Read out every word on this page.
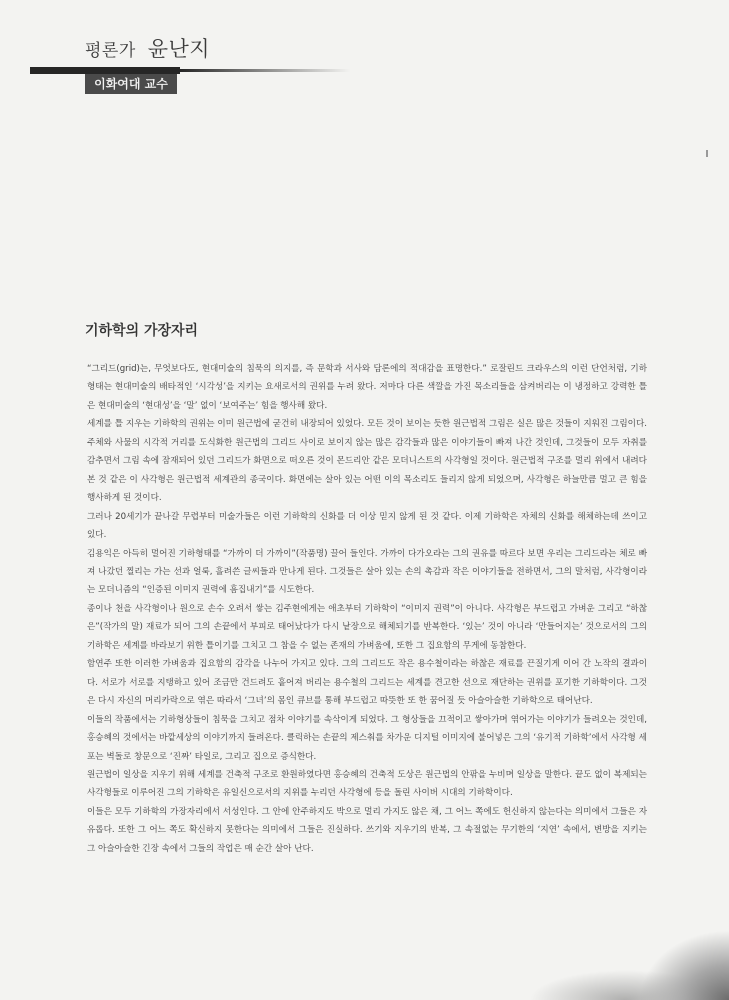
평론가 윤난지
이화여대 교수
기하학의 가장자리

“그리드(grid)는, 무엇보다도, 현대미술의 침묵의 의지를, 즉 문학과 서사와 담론에의 적대감을 표명한다.” 로잘린드 크라우스의 이런 단언처럼, 기하형태는 현대미술의 배타적인 ‘시각성’을 지키는 요새로서의 권위를 누려 왔다. 저마다 다른 색깔을 가진 목소리들을 삼켜버리는 이 냉정하고 강력한 틀은 현대미술의 ‘현대성’을 ‘말’ 없이 ‘보여주는’ 힘을 행사해 왔다.

세계를 틀 지우는 기하학의 권위는 이미 원근법에 굳건히 내장되어 있었다. 모든 것이 보이는 듯한 원근법적 그림은 실은 많은 것들이 지워진 그림이다. 주체와 사물의 시각적 거리를 도식화한 원근법의 그리드 사이로 보이지 않는 많은 감각들과 많은 이야기들이 빠져 나간 것인데, 그것들이 모두 자취를 감추면서 그림 속에 잠재되어 있던 그리드가 화면으로 떠오른 것이 몬드리안 같은 모더니스트의 사각형일 것이다. 원근법적 구조를 멀리 위에서 내려다 본 것 같은 이 사각형은 원근법적 세계관의 종국이다. 화면에는 살아 있는 어떤 이의 목소리도 들리지 않게 되었으며, 사각형은 하늘만큼 멀고 큰 힘을 행사하게 된 것이다.

그러나 20세기가 끝나갈 무렵부터 미술가들은 이런 기하학의 신화를 더 이상 믿지 않게 된 것 같다. 이제 기하학은 자체의 신화를 해체하는데 쓰이고 있다.

김용익은 아득히 멀어진 기하형태를 “가까이 더 가까이”(작품명) 끌어 들인다. 가까이 다가오라는 그의 권유를 따르다 보면 우리는 그리드라는 체로 빠져 나갔던 찔리는 가는 선과 얼룩, 흘려쓴 글씨들과 만나게 된다. 그것들은 살아 있는 손의 촉감과 작은 이야기들을 전하면서, 그의 말처럼, 사각형이라는 모더니즘의 “인증된 이미지 권력에 흠집내기”를 시도한다.

종이나 천을 사각형이나 원으로 손수 오려서 쌓는 김주현에게는 애초부터 기하학이 “이미지 권력”이 아니다. 사각형은 부드럽고 가벼운 그리고 “하찮은”(작가의 말) 재료가 되어 그의 손끝에서 부피로 태어났다가 다시 낱장으로 해체되기를 반복한다. ‘있는’ 것이 아니라 ‘만들어지는’ 것으로서의 그의 기하학은 세계를 바라보기 위한 틀이기를 그치고 그 참을 수 없는 존재의 가벼움에, 또한 그 집요함의 무게에 동참한다.

함연주 또한 이러한 가벼움과 집요함의 감각을 나누어 가지고 있다. 그의 그리드도 작은 용수철이라는 하찮은 재료를 끈질기게 이어 간 노작의 결과이다. 서로가 서로를 지탱하고 있어 조금만 건드려도 흩어져 버리는 용수철의 그리드는 세계를 견고한 선으로 재단하는 권위를 포기한 기하학이다. 그것은 다시 자신의 머리카락으로 엮은 따라서 ‘그녀’의 몸인 큐브를 통해 부드럽고 따뜻한 또 한 꿈어질 듯 아슬아슬한 기하학으로 태어난다.

이들의 작품에서는 기하형상들이 침묵을 그치고 점차 이야기를 속삭이게 되었다. 그 형상들을 끄적이고 쌓아가며 엮어가는 이야기가 들려오는 것인데, 홍승혜의 것에서는 바깥세상의 이야기까지 들려온다. 클릭하는 손끝의 제스춰를 차가운 디지털 이미지에 불어넣은 그의 ‘유기적 기하학’에서 사각형 세포는 벽돌로 창문으로 ‘진짜’ 타일로, 그리고 집으로 증식한다.

원근법이 일상을 지우기 위해 세계를 건축적 구조로 환원하였다면 홍승혜의 건축적 도상은 원근법의 안팎을 누비며 일상을 말한다. 끝도 없이 복제되는 사각형들로 이루어진 그의 기하학은 유일신으로서의 지위를 누리던 사각형에 등을 돌린 사이버 시대의 기하학이다.

이들은 모두 기하학의 가장자리에서 서성인다. 그 안에 안주하지도 박으로 멀리 가지도 않은 채, 그 어느 쪽에도 헌신하지 않는다는 의미에서 그들은 자유롭다. 또한 그 어느 쪽도 확신하지 못한다는 의미에서 그들은 진실하다. 쓰기와 지우기의 반복, 그 속절없는 무기한의 ‘지연’ 속에서, 변방을 지키는 그 아슬아슬한 긴장 속에서 그들의 작업은 매 순간 살아 난다.
